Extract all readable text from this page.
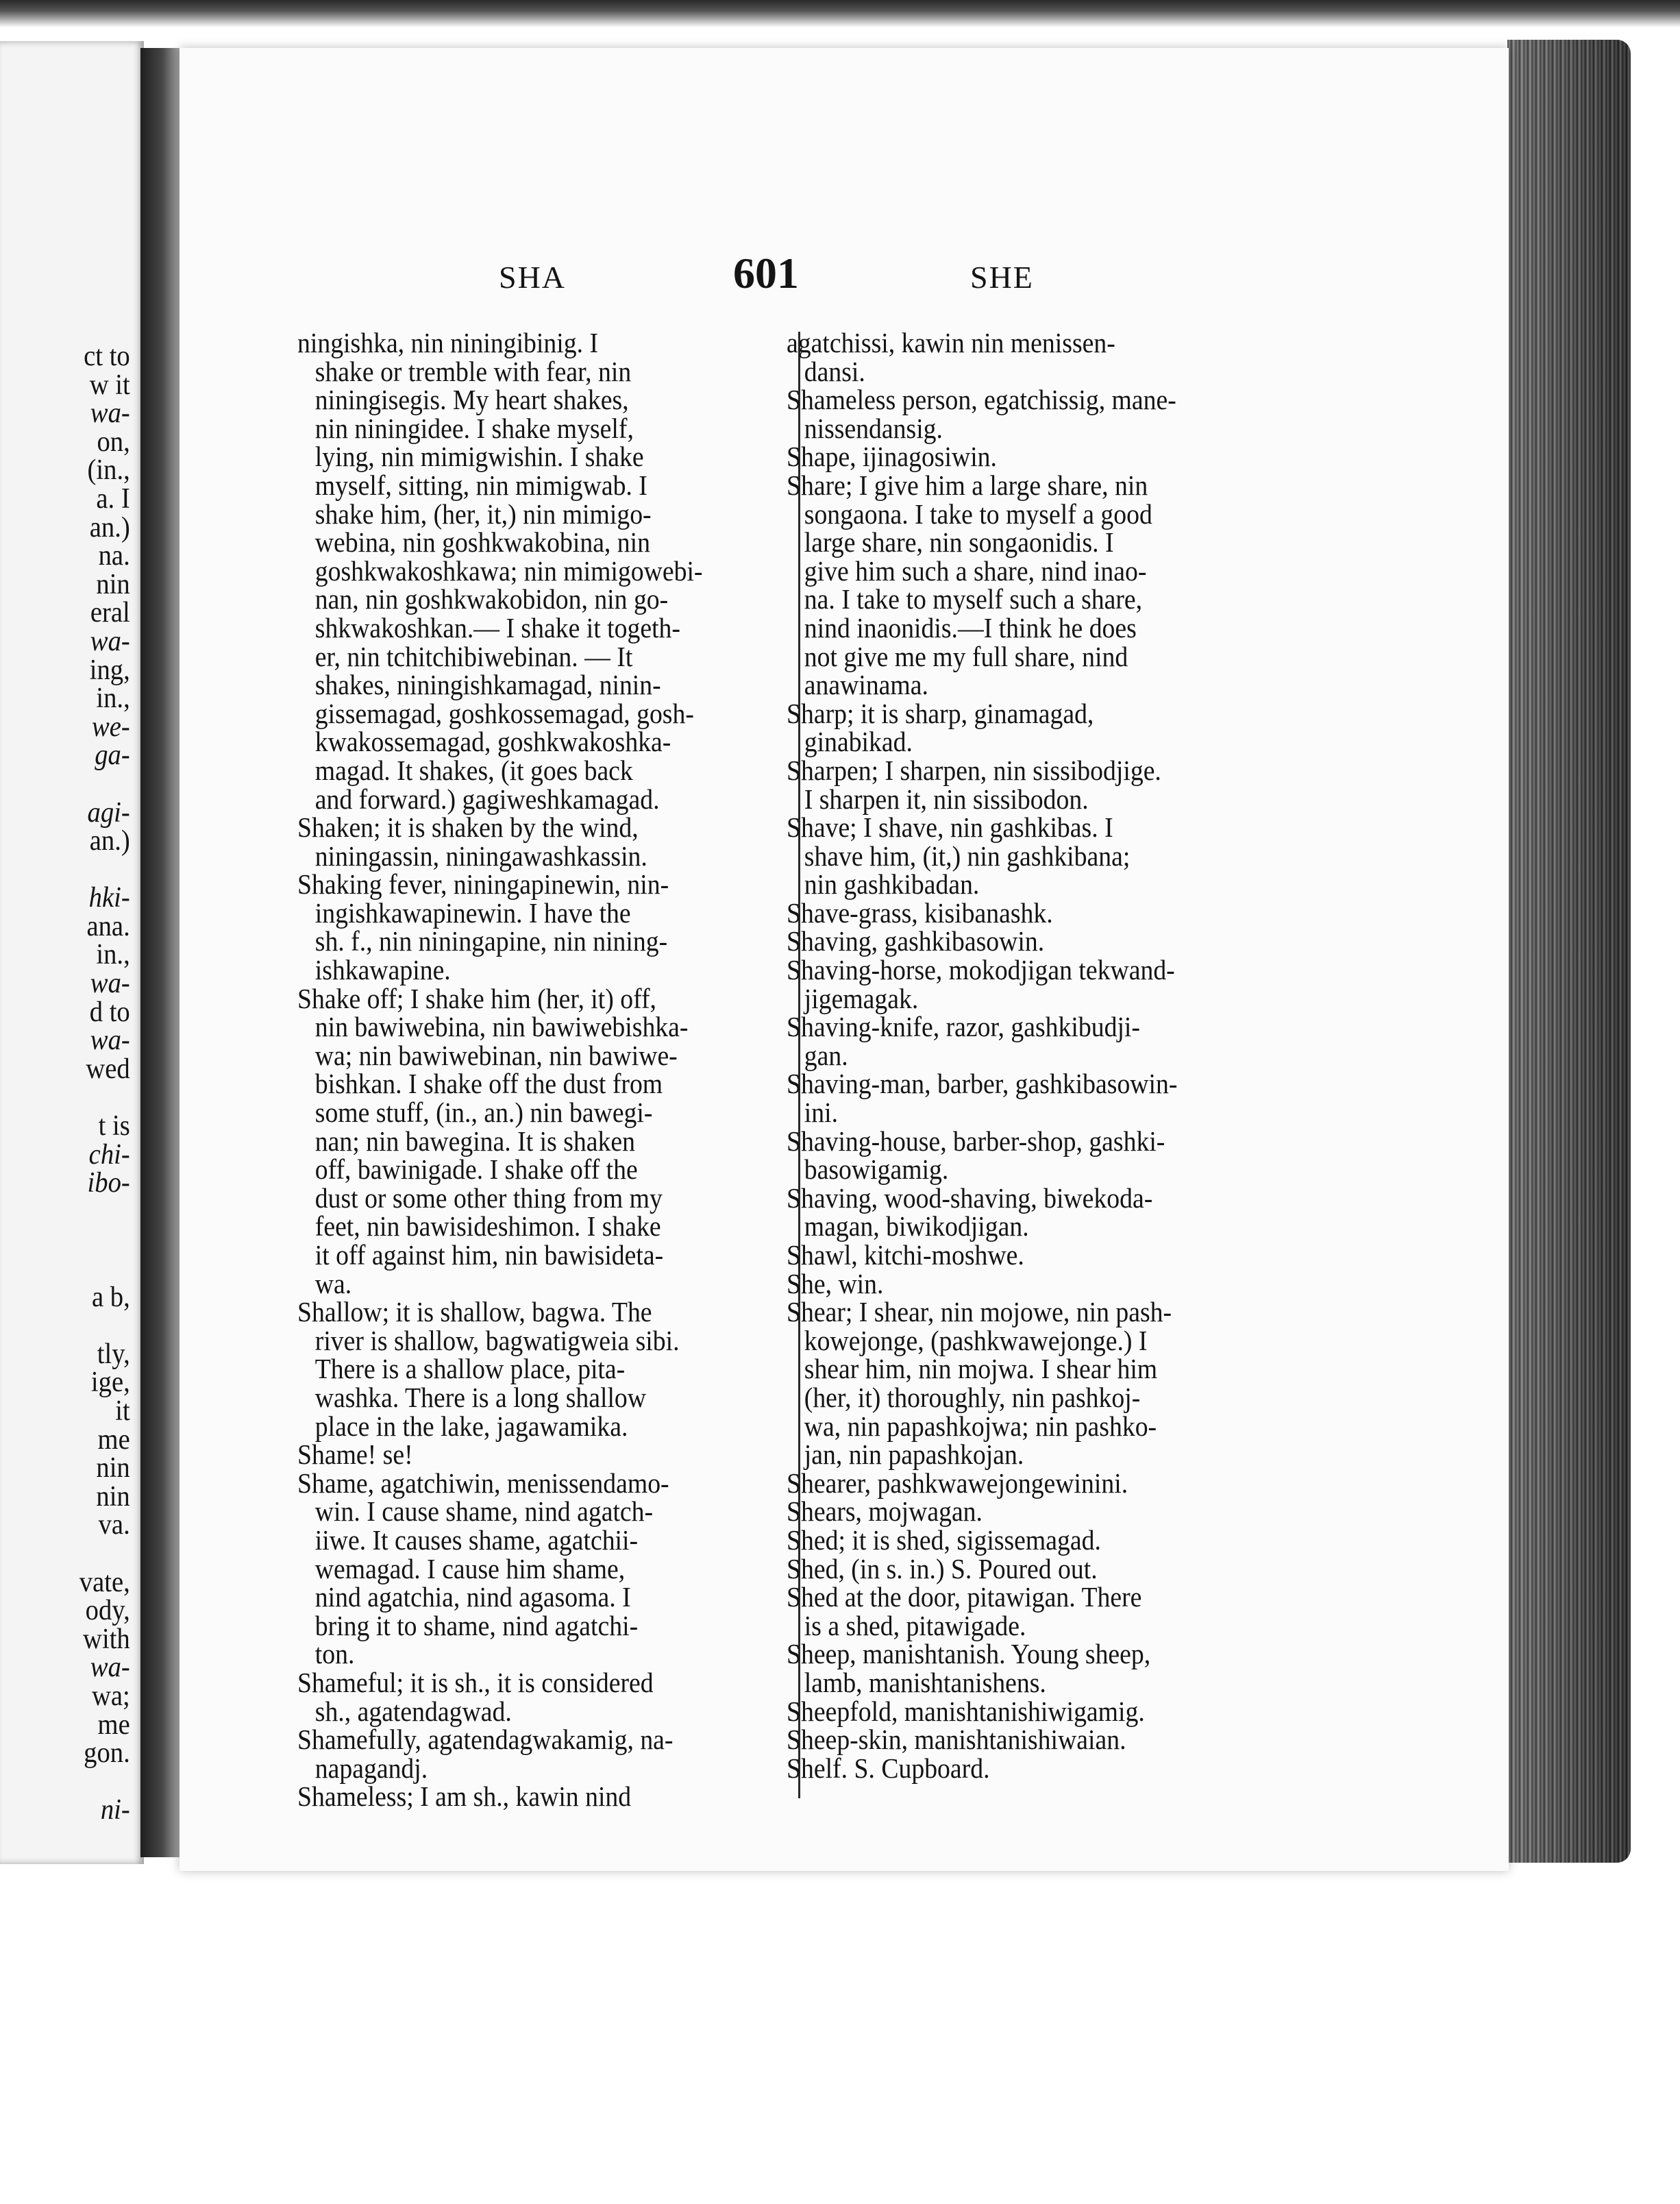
ct to
w it
wa-
on,
(in.,
a. I
an.)
na.
nin
eral
wa-
ing,
in.,
we-
ga-
agi-
an.)
hki-
ana.
in.,
wa-
d to
wa-
wed
t is
chi-
ibo-
a b,
tly,
ige,
it
me
nin
nin
va.
vate,
ody,
with
wa-
wa;
me
gon.
ni-
SHA	601	SHE
ningishka, nin niningibinig. I
shake or tremble with fear, nin
niningisegis. My heart shakes,
nin niningidee. I shake myself,
lying, nin mimigwishin. I shake
myself, sitting, nin mimigwab. I
shake him, (her, it,) nin mimigo-
webina, nin goshkwakobina, nin
goshkwakoshkawa; nin mimigowebi-
nan, nin goshkwakobidon, nin go-
shkwakoshkan.— I shake it togeth-
er, nin tchitchibiwebinan. — It
shakes, niningishkamagad, ninin-
gissemagad, goshkossemagad, gosh-
kwakossemagad, goshkwakoshka-
magad. It shakes, (it goes back
and forward.) gagiweshkamagad.
Shaken; it is shaken by the wind,
niningassin, niningawashkassin.
Shaking fever, niningapinewin, nin-
ingishkawapinewin. I have the
sh. f., nin niningapine, nin nining-
ishkawapine.
Shake off; I shake him (her, it) off,
nin bawiwebina, nin bawiwebishka-
wa; nin bawiwebinan, nin bawiwe-
bishkan. I shake off the dust from
some stuff, (in., an.) nin bawegi-
nan; nin bawegina. It is shaken
off, bawinigade. I shake off the
dust or some other thing from my
feet, nin bawisideshimon. I shake
it off against him, nin bawisideta-
wa.
Shallow; it is shallow, bagwa. The
river is shallow, bagwatigweia sibi.
There is a shallow place, pita-
washka. There is a long shallow
place in the lake, jagawamika.
Shame! se!
Shame, agatchiwin, menissendamo-
win. I cause shame, nind agatch-
iiwe. It causes shame, agatchii-
wemagad. I cause him shame,
nind agatchia, nind agasoma. I
bring it to shame, nind agatchi-
ton.
Shameful; it is sh., it is considered
sh., agatendagwad.
Shamefully, agatendagwakamig, na-
napagandj.
Shameless; I am sh., kawin nind
agatchissi, kawin nin menissen-
dansi.
Shameless person, egatchissig, mane-
nissendansig.
Shape, ijinagosiwin.
Share; I give him a large share, nin
songaona. I take to myself a good
large share, nin songaonidis. I
give him such a share, nind inao-
na. I take to myself such a share,
nind inaonidis.—I think he does
not give me my full share, nind
anawinama.
Sharp; it is sharp, ginamagad,
ginabikad.
Sharpen; I sharpen, nin sissibodjige.
I sharpen it, nin sissibodon.
Shave; I shave, nin gashkibas. I
shave him, (it,) nin gashkibana;
nin gashkibadan.
Shave-grass, kisibanashk.
Shaving, gashkibasowin.
Shaving-horse, mokodjigan tekwand-
jigemagak.
Shaving-knife, razor, gashkibudji-
gan.
Shaving-man, barber, gashkibasowin-
ini.
Shaving-house, barber-shop, gashki-
basowigamig.
Shaving, wood-shaving, biwekoda-
magan, biwikodjigan.
Shawl, kitchi-moshwe.
She, win.
Shear; I shear, nin mojowe, nin pash-
kowejonge, (pashkwawejonge.) I
shear him, nin mojwa. I shear him
(her, it) thoroughly, nin pashkoj-
wa, nin papashkojwa; nin pashko-
jan, nin papashkojan.
Shearer, pashkwawejongewinini.
Shears, mojwagan.
Shed; it is shed, sigissemagad.
Shed, (in s. in.) S. Poured out.
Shed at the door, pitawigan. There
is a shed, pitawigade.
Sheep, manishtanish. Young sheep,
lamb, manishtanishens.
Sheepfold, manishtanishiwigamig.
Sheep-skin, manishtanishiwaian.
Shelf. S. Cupboard.
